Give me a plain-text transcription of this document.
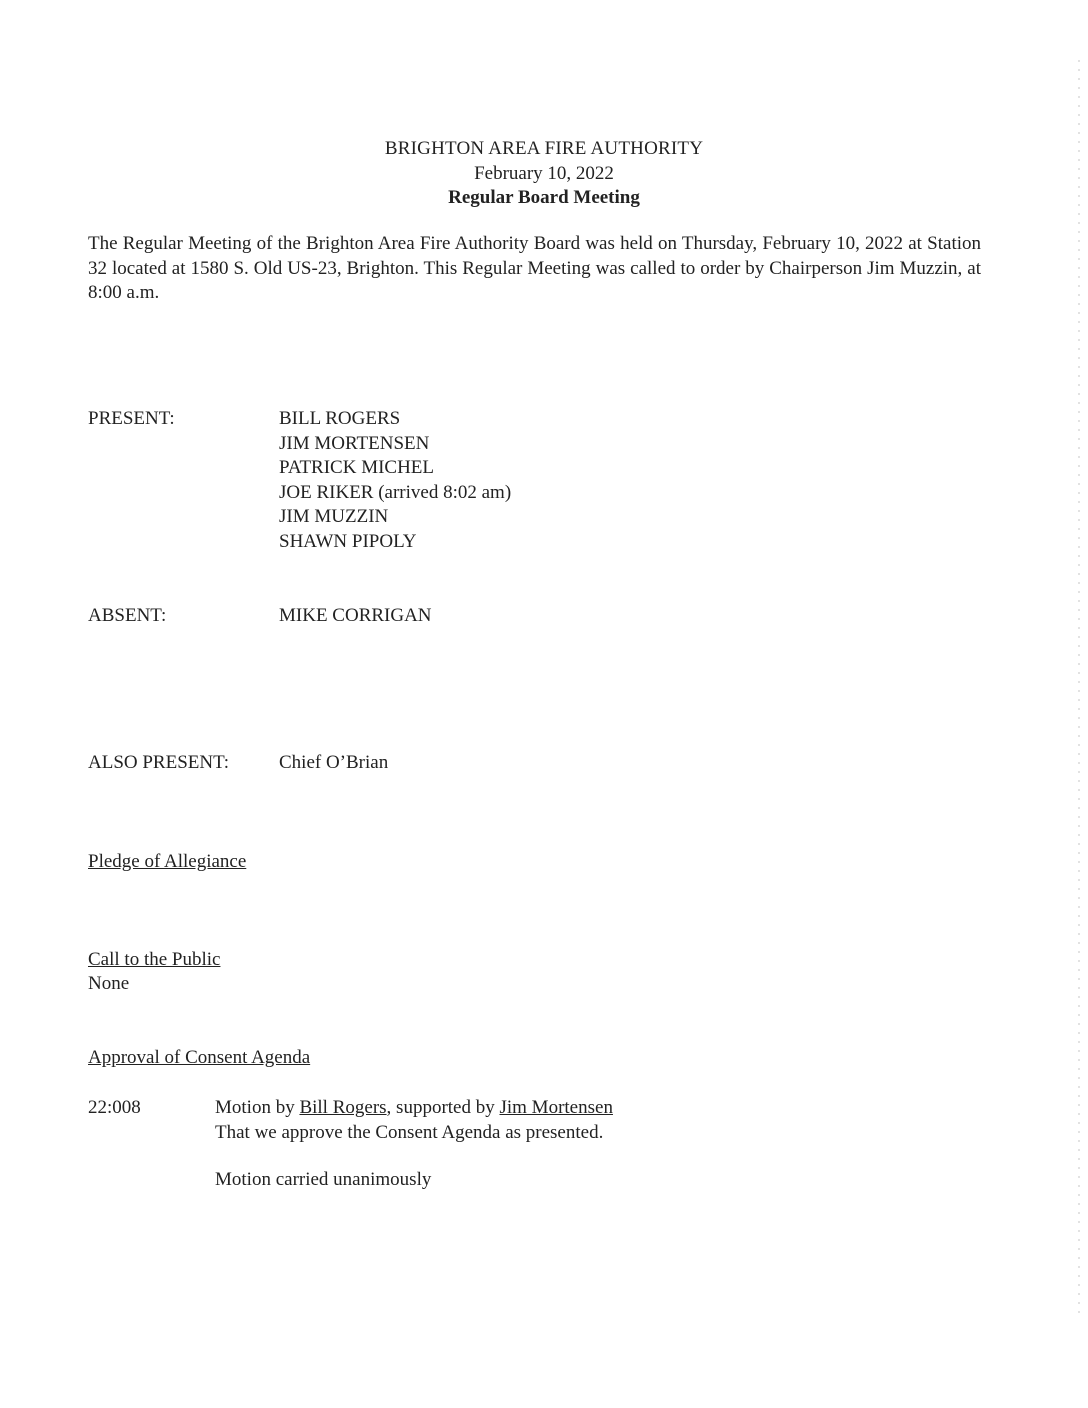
BRIGHTON AREA FIRE AUTHORITY
February 10, 2022
Regular Board Meeting
The Regular Meeting of the Brighton Area Fire Authority Board was held on Thursday, February 10, 2022 at Station 32 located at 1580 S. Old US-23, Brighton. This Regular Meeting was called to order by Chairperson Jim Muzzin, at 8:00 a.m.
PRESENT:	BILL ROGERS
JIM MORTENSEN
PATRICK MICHEL
JOE RIKER (arrived 8:02 am)
JIM MUZZIN
SHAWN PIPOLY
ABSENT:	MIKE CORRIGAN
ALSO PRESENT:	Chief O’Brian
Pledge of Allegiance
Call to the Public
None
Approval of Consent Agenda
22:008	Motion by Bill Rogers, supported by Jim Mortensen
That we approve the Consent Agenda as presented.
Motion carried unanimously
